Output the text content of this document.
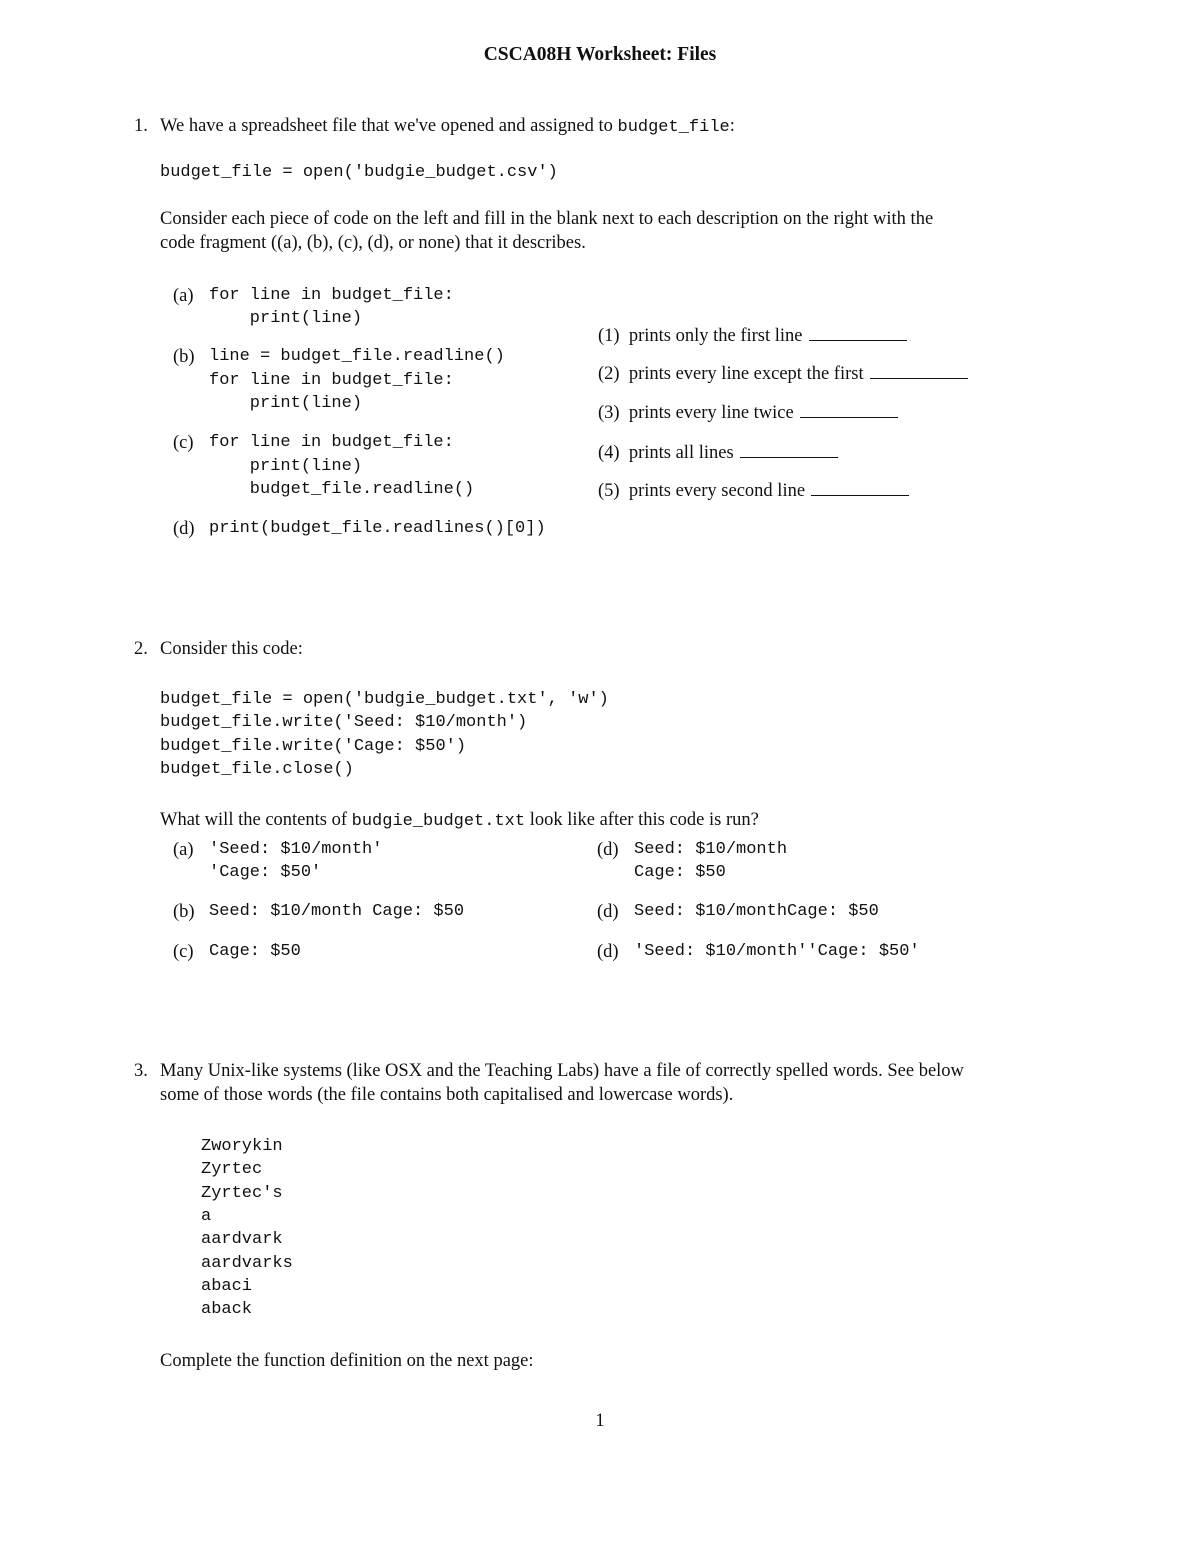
CSCA08H Worksheet: Files
1. We have a spreadsheet file that we've opened and assigned to budget_file:
budget_file = open('budgie_budget.csv')
Consider each piece of code on the left and fill in the blank next to each description on the right with the
code fragment ((a), (b), (c), (d), or none) that it describes.
(a) for line in budget_file:
print(line)
(b) line = budget_file.readline()
for line in budget_file:
print(line)
(c) for line in budget_file:
print(line)
budget_file.readline()
(d) print(budget_file.readlines()[0])
(1) prints only the first line
(2) prints every line except the first
(3) prints every line twice
(4) prints all lines
(5) prints every second line
2. Consider this code:
budget_file = open('budgie_budget.txt', 'w')
budget_file.write('Seed: $10/month')
budget_file.write('Cage: $50')
budget_file.close()
What will the contents of budgie_budget.txt look like after this code is run?
(a) 'Seed: $10/month'
'Cage: $50'
(d) Seed: $10/month
Cage: $50
(b) Seed: $10/month Cage: $50	(d) Seed: $10/monthCage: $50
(c) Cage: $50	(d) 'Seed: $10/month''Cage: $50'
3. Many Unix-like systems (like OSX and the Teaching Labs) have a file of correctly spelled words. See below
some of those words (the file contains both capitalised and lowercase words).
Zworykin
Zyrtec
Zyrtec's
a
aardvark
aardvarks
abaci
aback
Complete the function definition on the next page:
1
